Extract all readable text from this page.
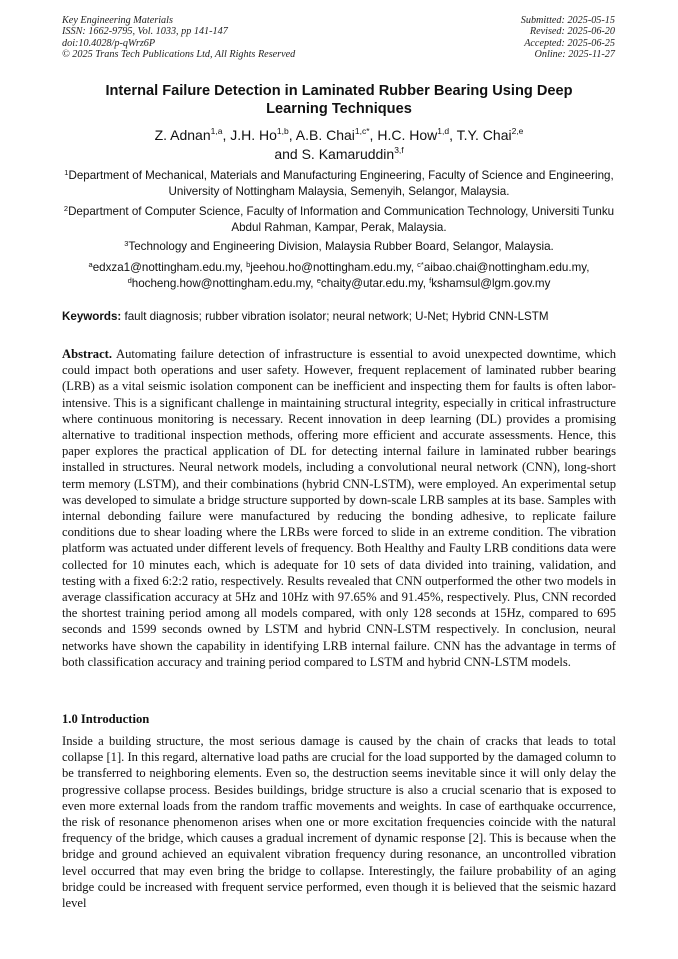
Key Engineering Materials
ISSN: 1662-9795, Vol. 1033, pp 141-147
doi:10.4028/p-qWrz6P
© 2025 Trans Tech Publications Ltd, All Rights Reserved
Submitted: 2025-05-15
Revised: 2025-06-20
Accepted: 2025-06-25
Online: 2025-11-27
Internal Failure Detection in Laminated Rubber Bearing Using Deep Learning Techniques
Z. Adnan$^{1,a}$, J.H. Ho$^{1,b}$, A.B. Chai$^{1,c*}$, H.C. How$^{1,d}$, T.Y. Chai$^{2,e}$
and S. Kamaruddin$^{3,f}$
$^1$Department of Mechanical, Materials and Manufacturing Engineering, Faculty of Science and Engineering, University of Nottingham Malaysia, Semenyih, Selangor, Malaysia.
$^2$Department of Computer Science, Faculty of Information and Communication Technology, Universiti Tunku Abdul Rahman, Kampar, Perak, Malaysia.
$^3$Technology and Engineering Division, Malaysia Rubber Board, Selangor, Malaysia.
$^a$edxza1@nottingham.edu.my, $^b$jeehou.ho@nottingham.edu.my, $^{c*}$aibao.chai@nottingham.edu.my,
$^d$hocheng.how@nottingham.edu.my, $^e$chaity@utar.edu.my, $^f$kshamsul@lgm.gov.my
Keywords: fault diagnosis; rubber vibration isolator; neural network; U-Net; Hybrid CNN-LSTM
Abstract. Automating failure detection of infrastructure is essential to avoid unexpected downtime, which could impact both operations and user safety. However, frequent replacement of laminated rubber bearing (LRB) as a vital seismic isolation component can be inefficient and inspecting them for faults is often labor-intensive. This is a significant challenge in maintaining structural integrity, especially in critical infrastructure where continuous monitoring is necessary. Recent innovation in deep learning (DL) provides a promising alternative to traditional inspection methods, offering more efficient and accurate assessments. Hence, this paper explores the practical application of DL for detecting internal failure in laminated rubber bearings installed in structures. Neural network models, including a convolutional neural network (CNN), long-short term memory (LSTM), and their combinations (hybrid CNN-LSTM), were employed. An experimental setup was developed to simulate a bridge structure supported by down-scale LRB samples at its base. Samples with internal debonding failure were manufactured by reducing the bonding adhesive, to replicate failure conditions due to shear loading where the LRBs were forced to slide in an extreme condition. The vibration platform was actuated under different levels of frequency. Both Healthy and Faulty LRB conditions data were collected for 10 minutes each, which is adequate for 10 sets of data divided into training, validation, and testing with a fixed 6:2:2 ratio, respectively. Results revealed that CNN outperformed the other two models in average classification accuracy at 5Hz and 10Hz with 97.65% and 91.45%, respectively. Plus, CNN recorded the shortest training period among all models compared, with only 128 seconds at 15Hz, compared to 695 seconds and 1599 seconds owned by LSTM and hybrid CNN-LSTM respectively. In conclusion, neural networks have shown the capability in identifying LRB internal failure. CNN has the advantage in terms of both classification accuracy and training period compared to LSTM and hybrid CNN-LSTM models.
1.0 Introduction
Inside a building structure, the most serious damage is caused by the chain of cracks that leads to total collapse [1]. In this regard, alternative load paths are crucial for the load supported by the damaged column to be transferred to neighboring elements. Even so, the destruction seems inevitable since it will only delay the progressive collapse process. Besides buildings, bridge structure is also a crucial scenario that is exposed to even more external loads from the random traffic movements and weights. In case of earthquake occurrence, the risk of resonance phenomenon arises when one or more excitation frequencies coincide with the natural frequency of the bridge, which causes a gradual increment of dynamic response [2]. This is because when the bridge and ground achieved an equivalent vibration frequency during resonance, an uncontrolled vibration level occurred that may even bring the bridge to collapse. Interestingly, the failure probability of an aging bridge could be increased with frequent service performed, even though it is believed that the seismic hazard level
